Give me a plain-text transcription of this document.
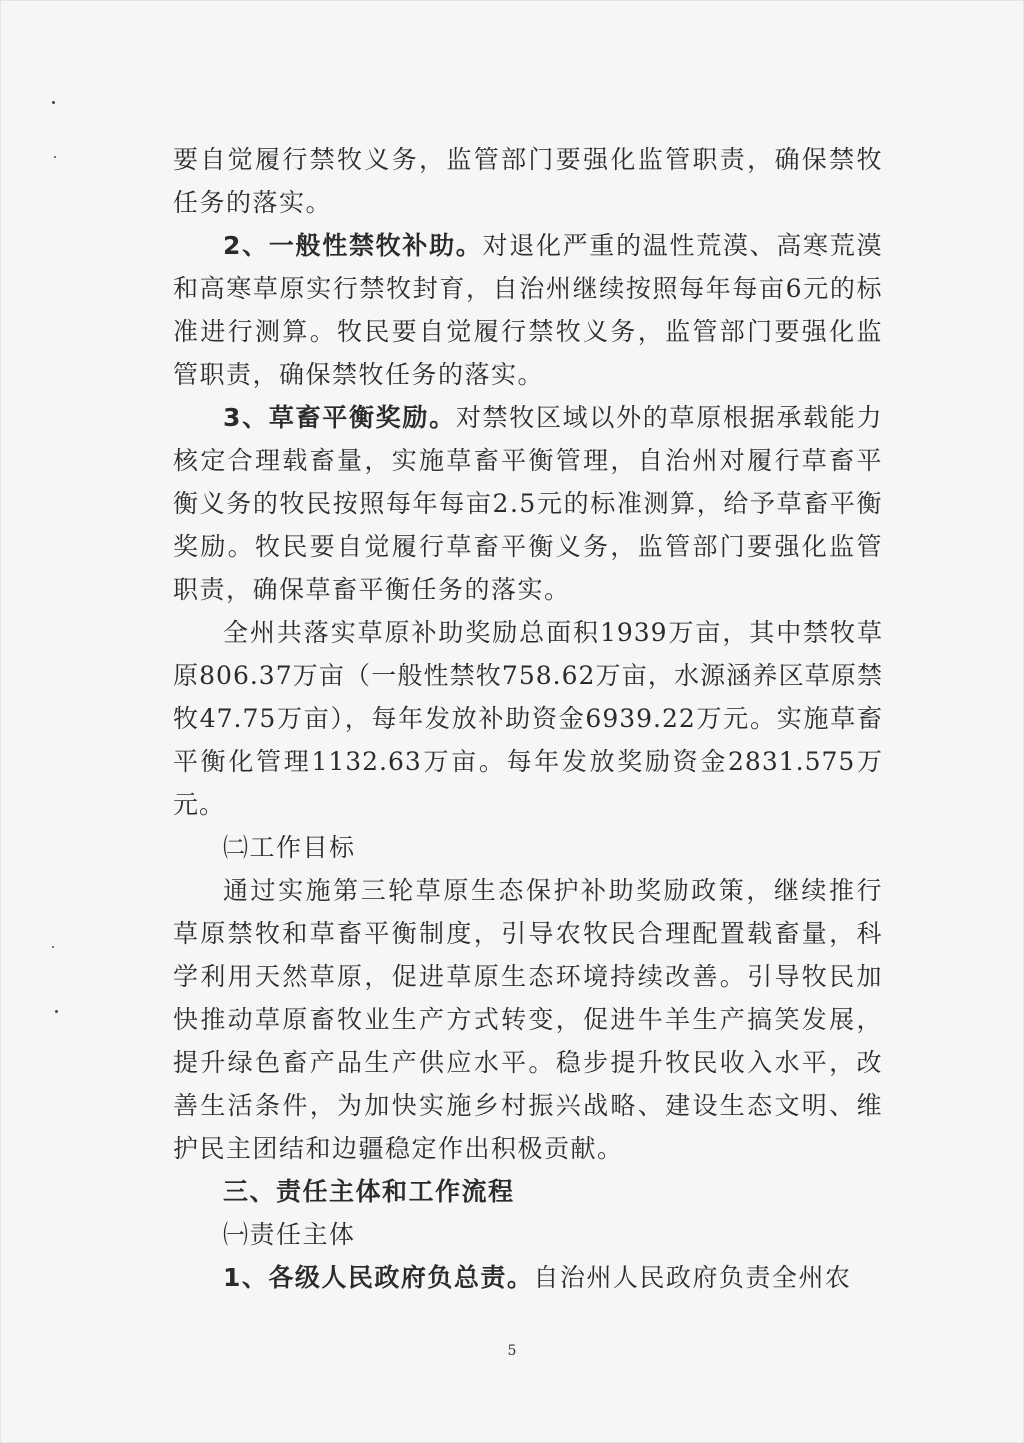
要自觉履行禁牧义务，监管部门要强化监管职责，确保禁牧任务的落实。

2、一般性禁牧补助。对退化严重的温性荒漠、高寒荒漠和高寒草原实行禁牧封育，自治州继续按照每年每亩6元的标准进行测算。牧民要自觉履行禁牧义务，监管部门要强化监管职责，确保禁牧任务的落实。

3、草畜平衡奖励。对禁牧区域以外的草原根据承载能力核定合理载畜量，实施草畜平衡管理，自治州对履行草畜平衡义务的牧民按照每年每亩2.5元的标准测算，给予草畜平衡奖励。牧民要自觉履行草畜平衡义务，监管部门要强化监管职责，确保草畜平衡任务的落实。

全州共落实草原补助奖励总面积1939万亩，其中禁牧草原806.37万亩（一般性禁牧758.62万亩，水源涵养区草原禁牧47.75万亩），每年发放补助资金6939.22万元。实施草畜平衡化管理1132.63万亩。每年发放奖励资金2831.575万元。

㈡工作目标

通过实施第三轮草原生态保护补助奖励政策，继续推行草原禁牧和草畜平衡制度，引导农牧民合理配置载畜量，科学利用天然草原，促进草原生态环境持续改善。引导牧民加快推动草原畜牧业生产方式转变，促进牛羊生产搞笑发展，提升绿色畜产品生产供应水平。稳步提升牧民收入水平，改善生活条件，为加快实施乡村振兴战略、建设生态文明、维护民主团结和边疆稳定作出积极贡献。

三、责任主体和工作流程

㈠责任主体

1、各级人民政府负总责。自治州人民政府负责全州农

5
